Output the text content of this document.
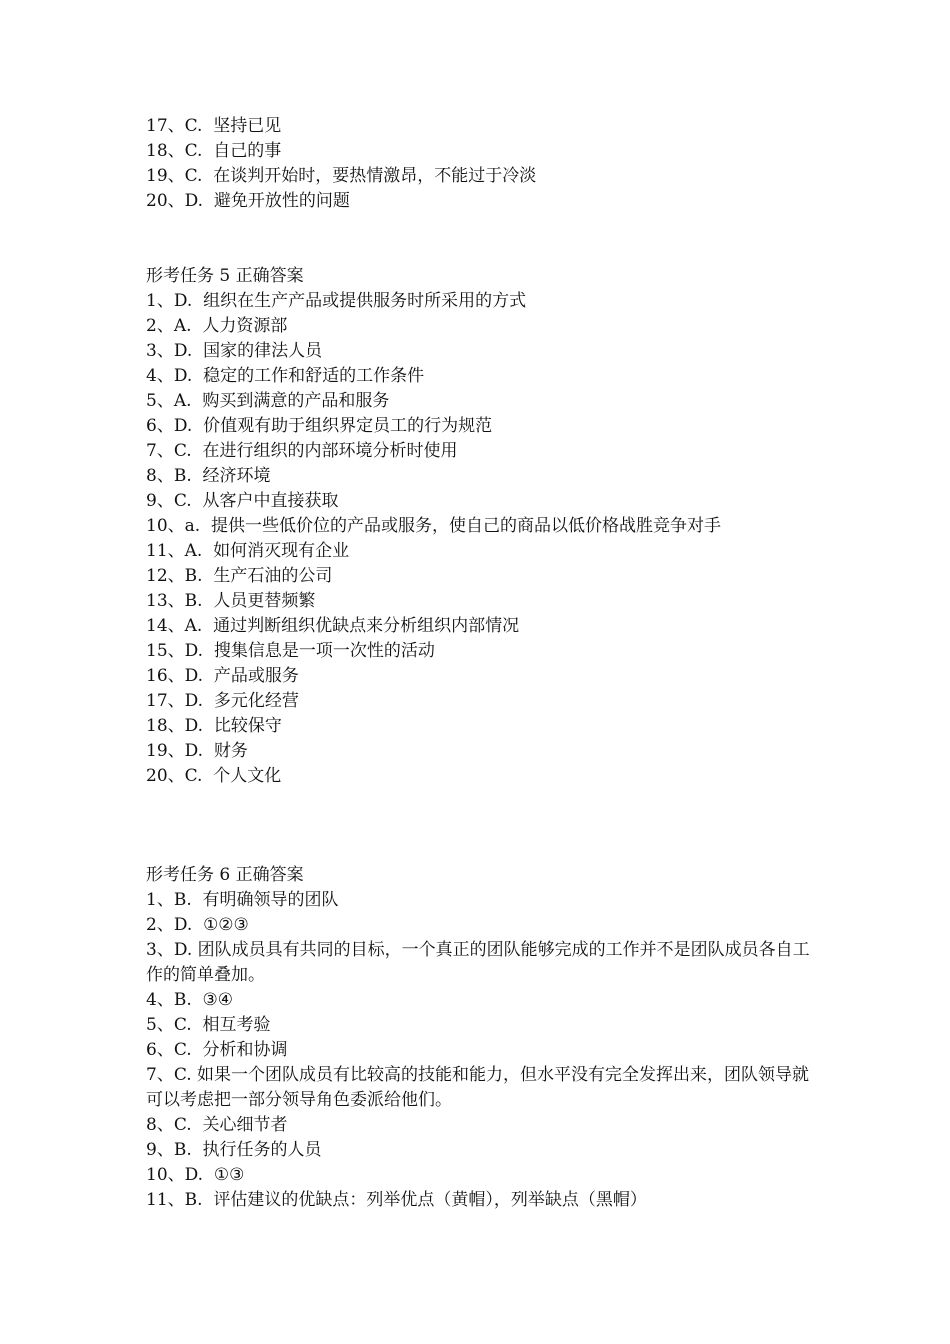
17、C.  坚持已见
18、C.  自己的事
19、C.  在谈判开始时，要热情激昂，不能过于冷淡
20、D.  避免开放性的问题
形考任务 5 正确答案
1、D.  组织在生产产品或提供服务时所采用的方式
2、A.  人力资源部
3、D.  国家的律法人员
4、D.  稳定的工作和舒适的工作条件
5、A.  购买到满意的产品和服务
6、D.  价值观有助于组织界定员工的行为规范
7、C.  在进行组织的内部环境分析时使用
8、B.  经济环境
9、C.  从客户中直接获取
10、a.  提供一些低价位的产品或服务，使自己的商品以低价格战胜竞争对手
11、A.  如何消灭现有企业
12、B.  生产石油的公司
13、B.  人员更替频繁
14、A.  通过判断组织优缺点来分析组织内部情况
15、D.  搜集信息是一项一次性的活动
16、D.  产品或服务
17、D.  多元化经营
18、D.  比较保守
19、D.  财务
20、C.  个人文化
形考任务 6 正确答案
1、B.  有明确领导的团队
2、D.  ①②③
3、D. 团队成员具有共同的目标，一个真正的团队能够完成的工作并不是团队成员各自工作的简单叠加。
4、B.  ③④
5、C.  相互考验
6、C.  分析和协调
7、C. 如果一个团队成员有比较高的技能和能力，但水平没有完全发挥出来，团队领导就可以考虑把一部分领导角色委派给他们。
8、C.  关心细节者
9、B.  执行任务的人员
10、D.  ①③
11、B.  评估建议的优缺点：列举优点（黄帽），列举缺点（黑帽）
